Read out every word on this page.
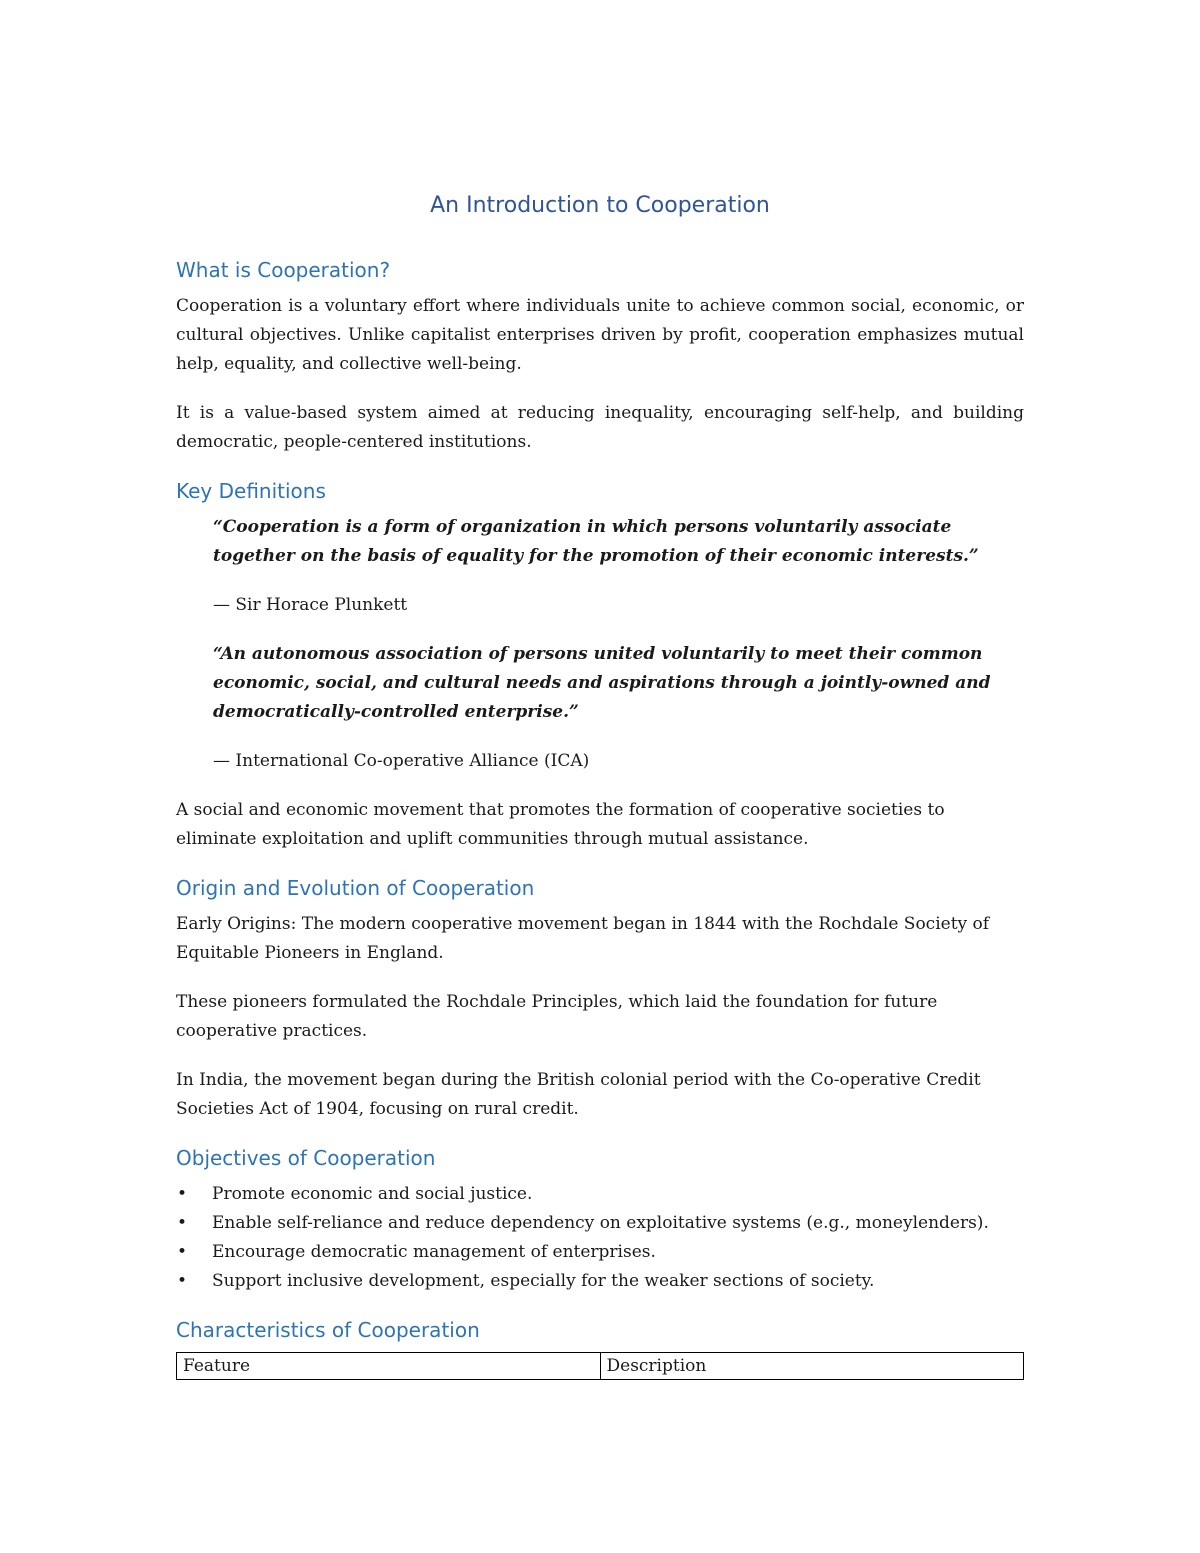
An Introduction to Cooperation
What is Cooperation?

Cooperation is a voluntary effort where individuals unite to achieve common social, economic, or cultural objectives. Unlike capitalist enterprises driven by profit, cooperation emphasizes mutual help, equality, and collective well-being.

It is a value-based system aimed at reducing inequality, encouraging self-help, and building democratic, people-centered institutions.

Key Definitions
“Cooperation is a form of organization in which persons voluntarily associate together on the basis of equality for the promotion of their economic interests.”
— Sir Horace Plunkett
“An autonomous association of persons united voluntarily to meet their common economic, social, and cultural needs and aspirations through a jointly-owned and democratically-controlled enterprise.”
— International Co-operative Alliance (ICA)

A social and economic movement that promotes the formation of cooperative societies to eliminate exploitation and uplift communities through mutual assistance.

Origin and Evolution of Cooperation

Early Origins: The modern cooperative movement began in 1844 with the Rochdale Society of Equitable Pioneers in England.

These pioneers formulated the Rochdale Principles, which laid the foundation for future cooperative practices.

In India, the movement began during the British colonial period with the Co-operative Credit Societies Act of 1904, focusing on rural credit.

Objectives of Cooperation
• Promote economic and social justice.
• Enable self-reliance and reduce dependency on exploitative systems (e.g., moneylenders).
• Encourage democratic management of enterprises.
• Support inclusive development, especially for the weaker sections of society.
Characteristics of Cooperation
Feature	Description
